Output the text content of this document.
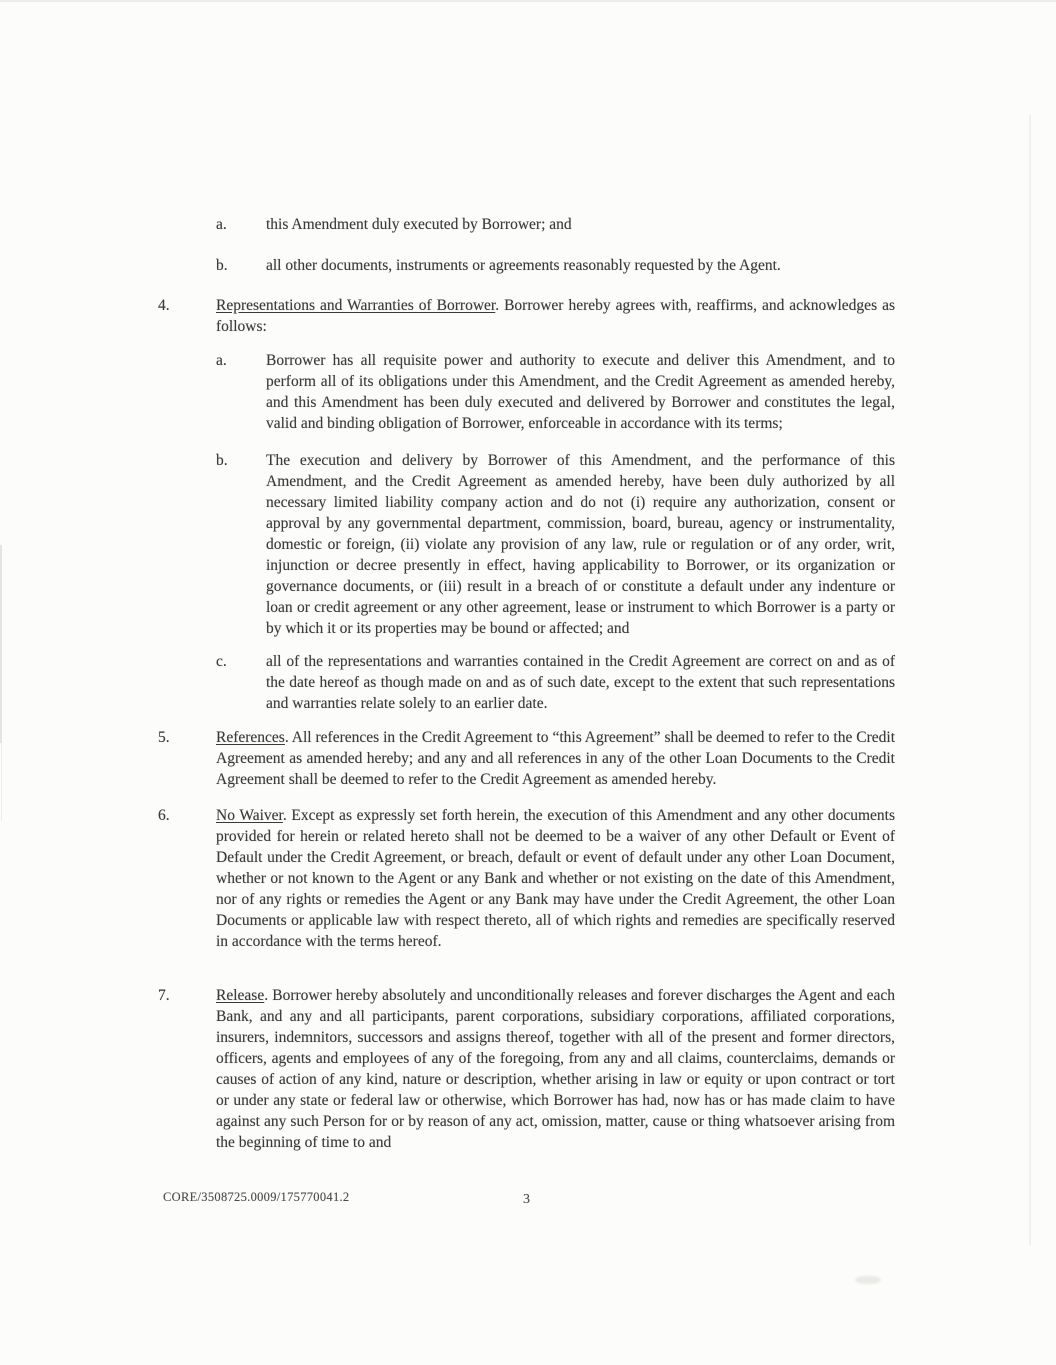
a.	this Amendment duly executed by Borrower; and
b.	all other documents, instruments or agreements reasonably requested by the Agent.
4.	Representations and Warranties of Borrower. Borrower hereby agrees with, reaffirms, and acknowledges as follows:
a.	Borrower has all requisite power and authority to execute and deliver this Amendment, and to perform all of its obligations under this Amendment, and the Credit Agreement as amended hereby, and this Amendment has been duly executed and delivered by Borrower and constitutes the legal, valid and binding obligation of Borrower, enforceable in accordance with its terms;
b.	The execution and delivery by Borrower of this Amendment, and the performance of this Amendment, and the Credit Agreement as amended hereby, have been duly authorized by all necessary limited liability company action and do not (i) require any authorization, consent or approval by any governmental department, commission, board, bureau, agency or instrumentality, domestic or foreign, (ii) violate any provision of any law, rule or regulation or of any order, writ, injunction or decree presently in effect, having applicability to Borrower, or its organization or governance documents, or (iii) result in a breach of or constitute a default under any indenture or loan or credit agreement or any other agreement, lease or instrument to which Borrower is a party or by which it or its properties may be bound or affected; and
c.	all of the representations and warranties contained in the Credit Agreement are correct on and as of the date hereof as though made on and as of such date, except to the extent that such representations and warranties relate solely to an earlier date.
5.	References. All references in the Credit Agreement to “this Agreement” shall be deemed to refer to the Credit Agreement as amended hereby; and any and all references in any of the other Loan Documents to the Credit Agreement shall be deemed to refer to the Credit Agreement as amended hereby.
6.	No Waiver. Except as expressly set forth herein, the execution of this Amendment and any other documents provided for herein or related hereto shall not be deemed to be a waiver of any other Default or Event of Default under the Credit Agreement, or breach, default or event of default under any other Loan Document, whether or not known to the Agent or any Bank and whether or not existing on the date of this Amendment, nor of any rights or remedies the Agent or any Bank may have under the Credit Agreement, the other Loan Documents or applicable law with respect thereto, all of which rights and remedies are specifically reserved in accordance with the terms hereof.
7.	Release. Borrower hereby absolutely and unconditionally releases and forever discharges the Agent and each Bank, and any and all participants, parent corporations, subsidiary corporations, affiliated corporations, insurers, indemnitors, successors and assigns thereof, together with all of the present and former directors, officers, agents and employees of any of the foregoing, from any and all claims, counterclaims, demands or causes of action of any kind, nature or description, whether arising in law or equity or upon contract or tort or under any state or federal law or otherwise, which Borrower has had, now has or has made claim to have against any such Person for or by reason of any act, omission, matter, cause or thing whatsoever arising from the beginning of time to and
CORE/3508725.0009/175770041.2	3
